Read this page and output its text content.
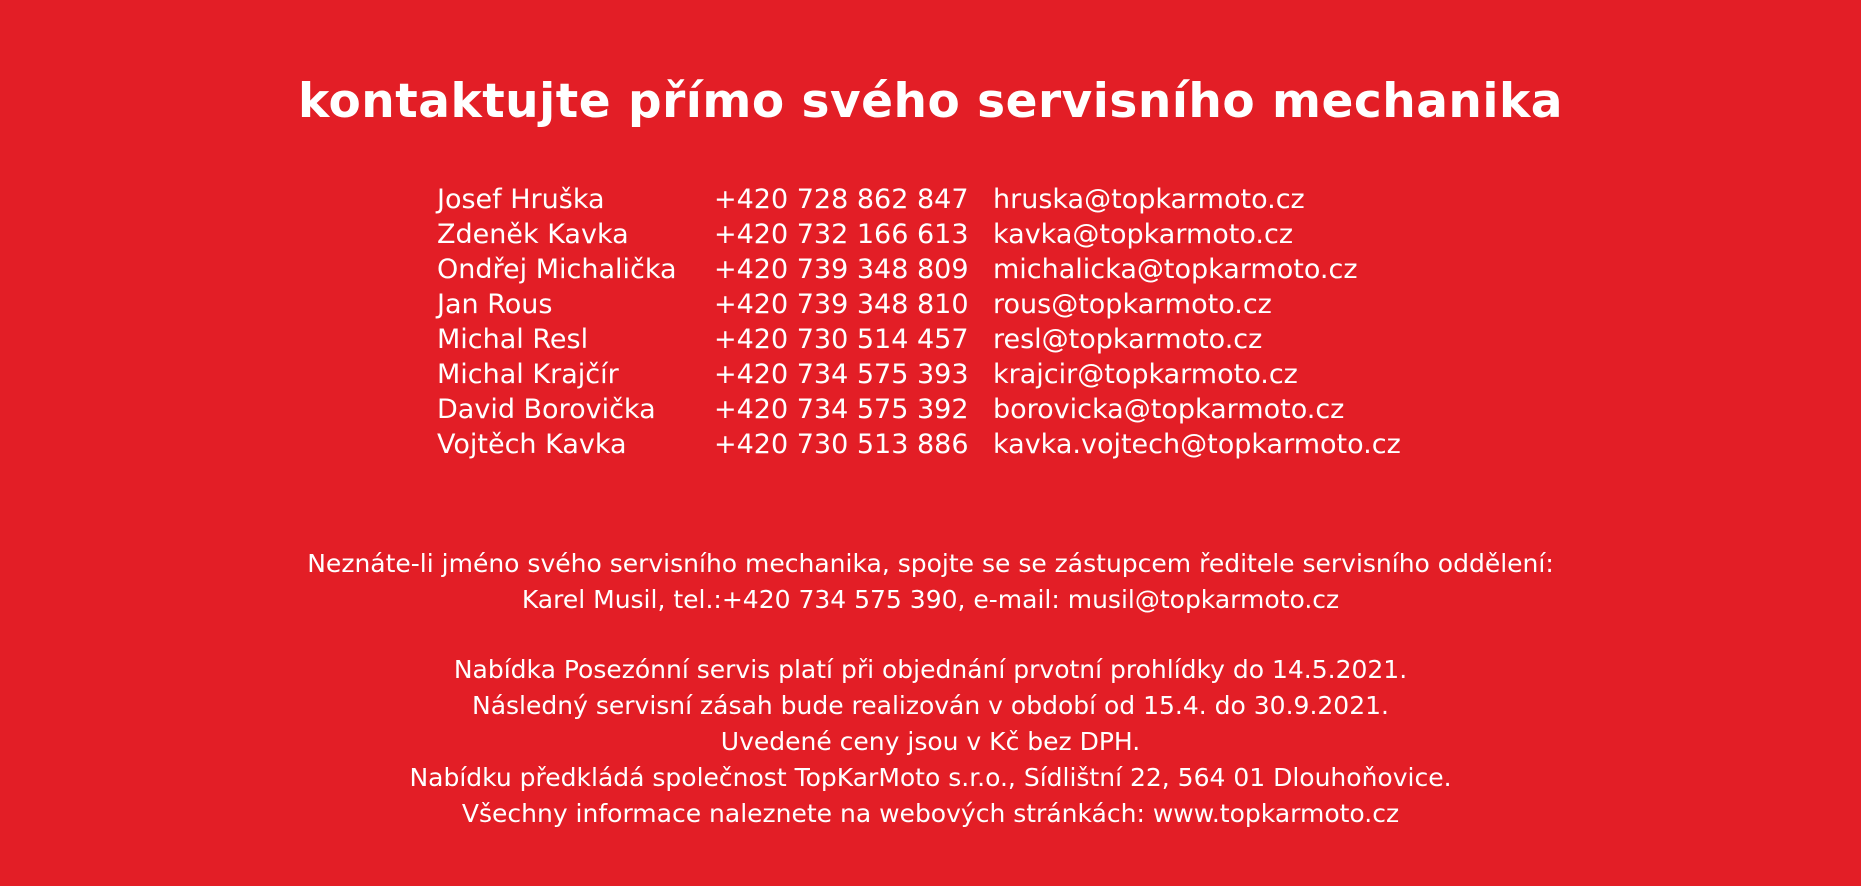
kontaktujte přímo svého servisního mechanika
Josef Hruška	+420 728 862 847 hruska@topkarmoto.cz
Zdeněk Kavka	+420 732 166 613 kavka@topkarmoto.cz
Ondřej Michalička +420 739 348 809 michalicka@topkarmoto.cz
Jan Rous	+420 739 348 810 rous@topkarmoto.cz
Michal Resl	+420 730 514 457 resl@topkarmoto.cz
Michal Krajčír	+420 734 575 393 krajcir@topkarmoto.cz
David Borovička +420 734 575 392 borovicka@topkarmoto.cz
Vojtěch Kavka	+420 730 513 886 kavka.vojtech@topkarmoto.cz
Neznáte-li jméno svého servisního mechanika, spojte se se zástupcem ředitele servisního oddělení:
Karel Musil, tel.:+420 734 575 390, e-mail: musil@topkarmoto.cz
Nabídka Posezónní servis platí při objednání prvotní prohlídky do 14.5.2021.
Následný servisní zásah bude realizován v období od 15.4. do 30.9.2021.
Uvedené ceny jsou v Kč bez DPH.
Nabídku předkládá společnost TopKarMoto s.r.o., Sídlištní 22, 564 01 Dlouhoňovice.
Všechny informace naleznete na webových stránkách: www.topkarmoto.cz
